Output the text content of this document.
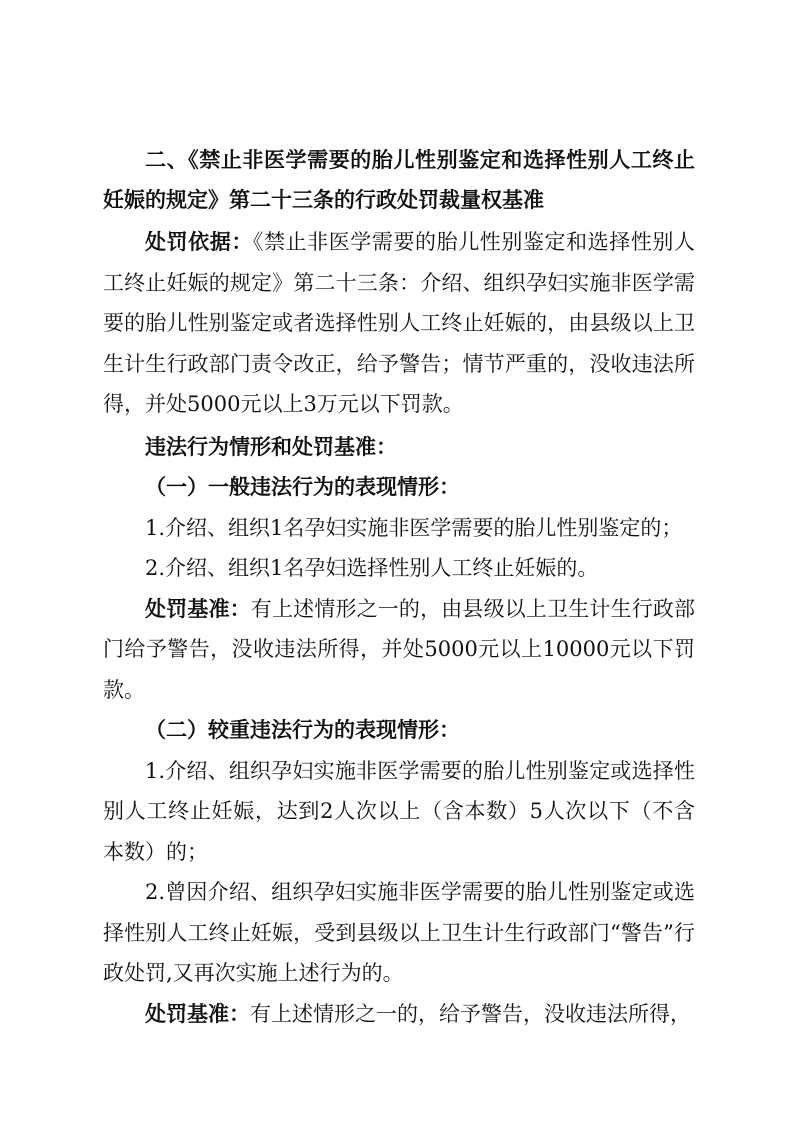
二、《禁止非医学需要的胎儿性别鉴定和选择性别人工终止妊娠的规定》第二十三条的行政处罚裁量权基准

处罚依据：《禁止非医学需要的胎儿性别鉴定和选择性别人工终止妊娠的规定》第二十三条：介绍、组织孕妇实施非医学需要的胎儿性别鉴定或者选择性别人工终止妊娠的，由县级以上卫生计生行政部门责令改正，给予警告；情节严重的，没收违法所得，并处5000元以上3万元以下罚款。

违法行为情形和处罚基准：

（一）一般违法行为的表现情形：

1.介绍、组织1名孕妇实施非医学需要的胎儿性别鉴定的；

2.介绍、组织1名孕妇选择性别人工终止妊娠的。

处罚基准：有上述情形之一的，由县级以上卫生计生行政部门给予警告，没收违法所得，并处5000元以上10000元以下罚款。

（二）较重违法行为的表现情形：

1.介绍、组织孕妇实施非医学需要的胎儿性别鉴定或选择性别人工终止妊娠，达到2人次以上（含本数）5人次以下（不含本数）的；

2.曾因介绍、组织孕妇实施非医学需要的胎儿性别鉴定或选择性别人工终止妊娠，受到县级以上卫生计生行政部门“警告”行政处罚,又再次实施上述行为的。

处罚基准：有上述情形之一的，给予警告，没收违法所得，
